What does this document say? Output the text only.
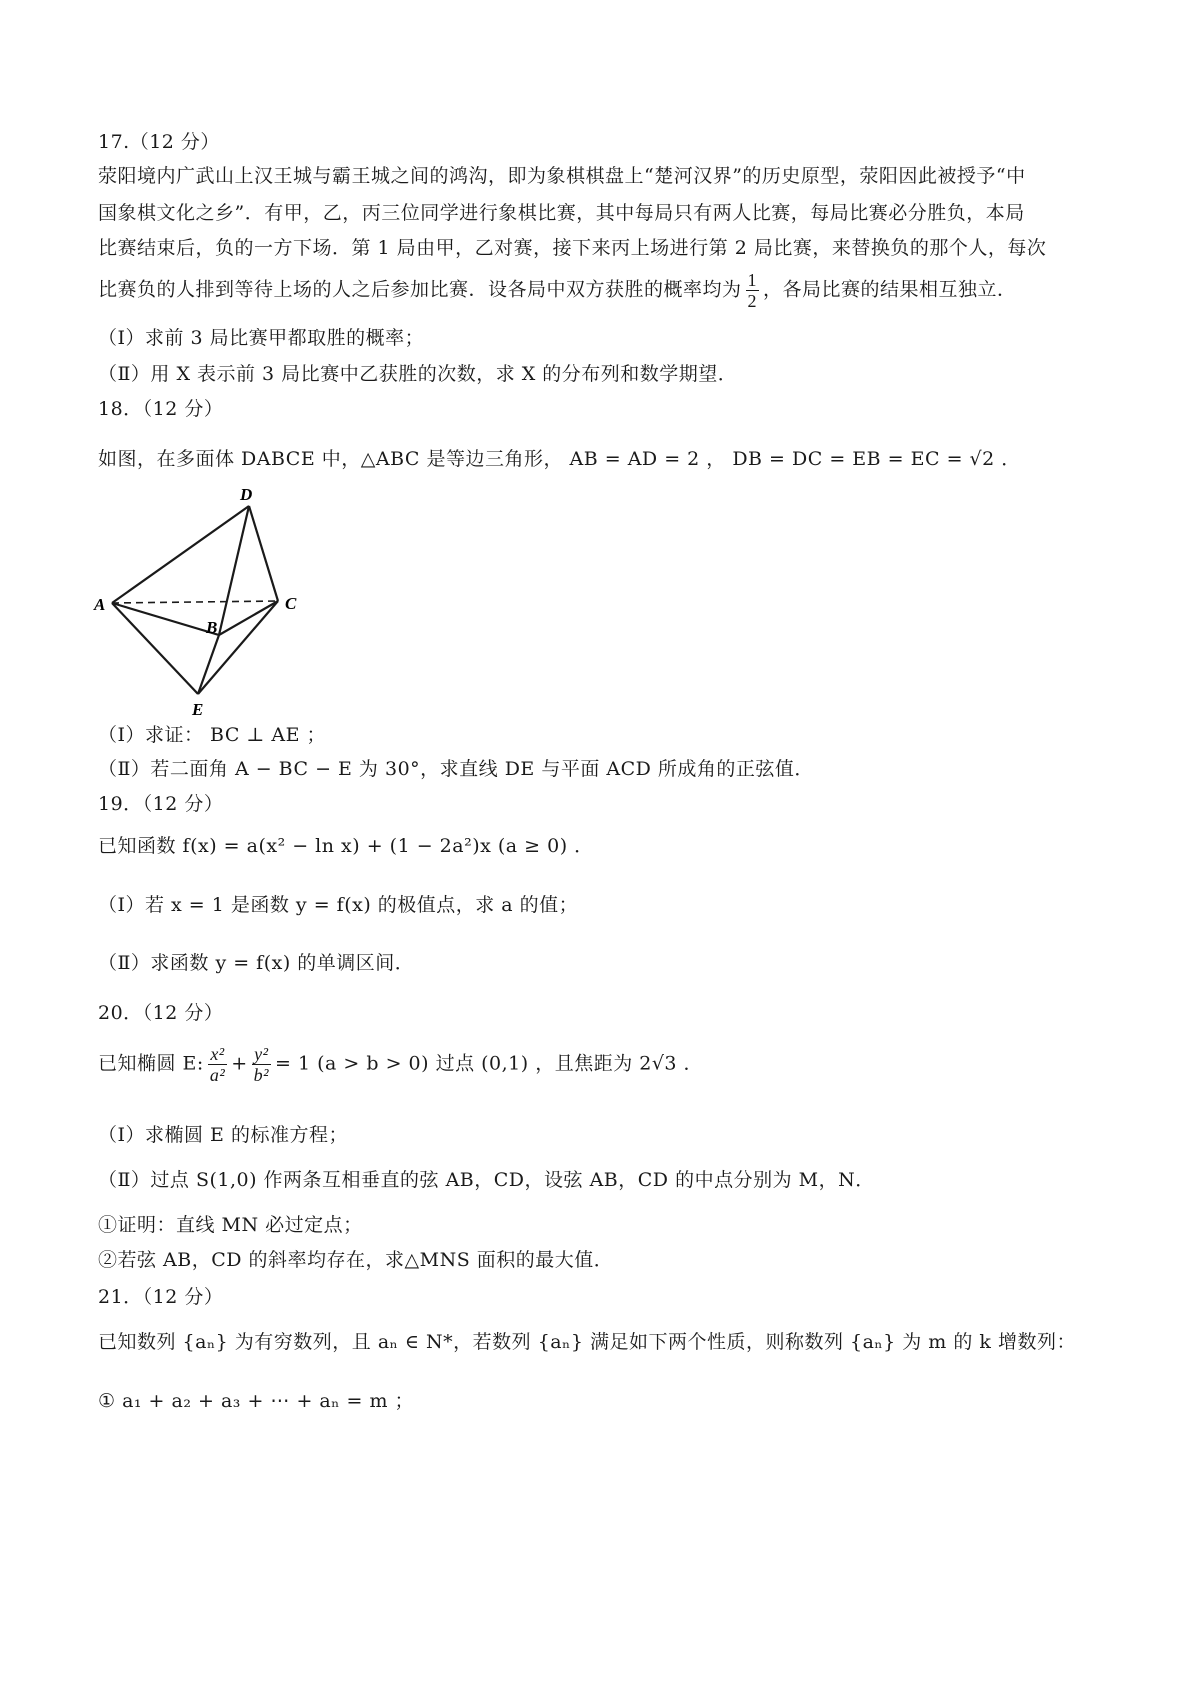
17.（12 分）
荥阳境内广武山上汉王城与霸王城之间的鸿沟，即为象棋棋盘上“楚河汉界”的历史原型，荥阳因此被授予“中
国象棋文化之乡”．有甲，乙，丙三位同学进行象棋比赛，其中每局只有两人比赛，每局比赛必分胜负，本局
比赛结束后，负的一方下场．第 1 局由甲，乙对赛，接下来丙上场进行第 2 局比赛，来替换负的那个人，每次
比赛负的人排到等待上场的人之后参加比赛．设各局中双方获胜的概率均为 $\frac{1}{2}$ ，各局比赛的结果相互独立．
（Ⅰ）求前 3 局比赛甲都取胜的概率；
（Ⅱ）用 X 表示前 3 局比赛中乙获胜的次数，求 X 的分布列和数学期望．
18．（12 分）
如图，在多面体 DABCE 中，△ABC 是等边三角形， AB = AD = 2 ， DB = DC = EB = EC = √2 ．
D
A
B
C
E
（Ⅰ）求证： BC ⊥ AE ；
（Ⅱ）若二面角 A − BC − E 为 30°，求直线 DE 与平面 ACD 所成角的正弦值．
19．（12 分）
已知函数 f(x) = a(x² − ln x) + (1 − 2a²)x (a ≥ 0) ．
（Ⅰ）若 x = 1 是函数 y = f(x) 的极值点，求 a 的值；
（Ⅱ）求函数 y = f(x) 的单调区间．
20．（12 分）
已知椭圆 E: $\frac{\text{x²}}{\text{a²}} + \frac{\text{y²}}{\text{b²}} = 1$ (a > b > 0) 过点 (0,1) ，且焦距为 2√3 ．
（Ⅰ）求椭圆 E 的标准方程；
（Ⅱ）过点 S(1,0) 作两条互相垂直的弦 AB，CD，设弦 AB，CD 的中点分别为 M，N．
①证明：直线 MN 必过定点；
②若弦 AB，CD 的斜率均存在，求△MNS 面积的最大值．
21．（12 分）
已知数列 {aₙ} 为有穷数列，且 aₙ ∈ N*，若数列 {aₙ} 满足如下两个性质，则称数列 {aₙ} 为 m 的 k 增数列：
① a₁ + a₂ + a₃ + ⋯ + aₙ = m ；
